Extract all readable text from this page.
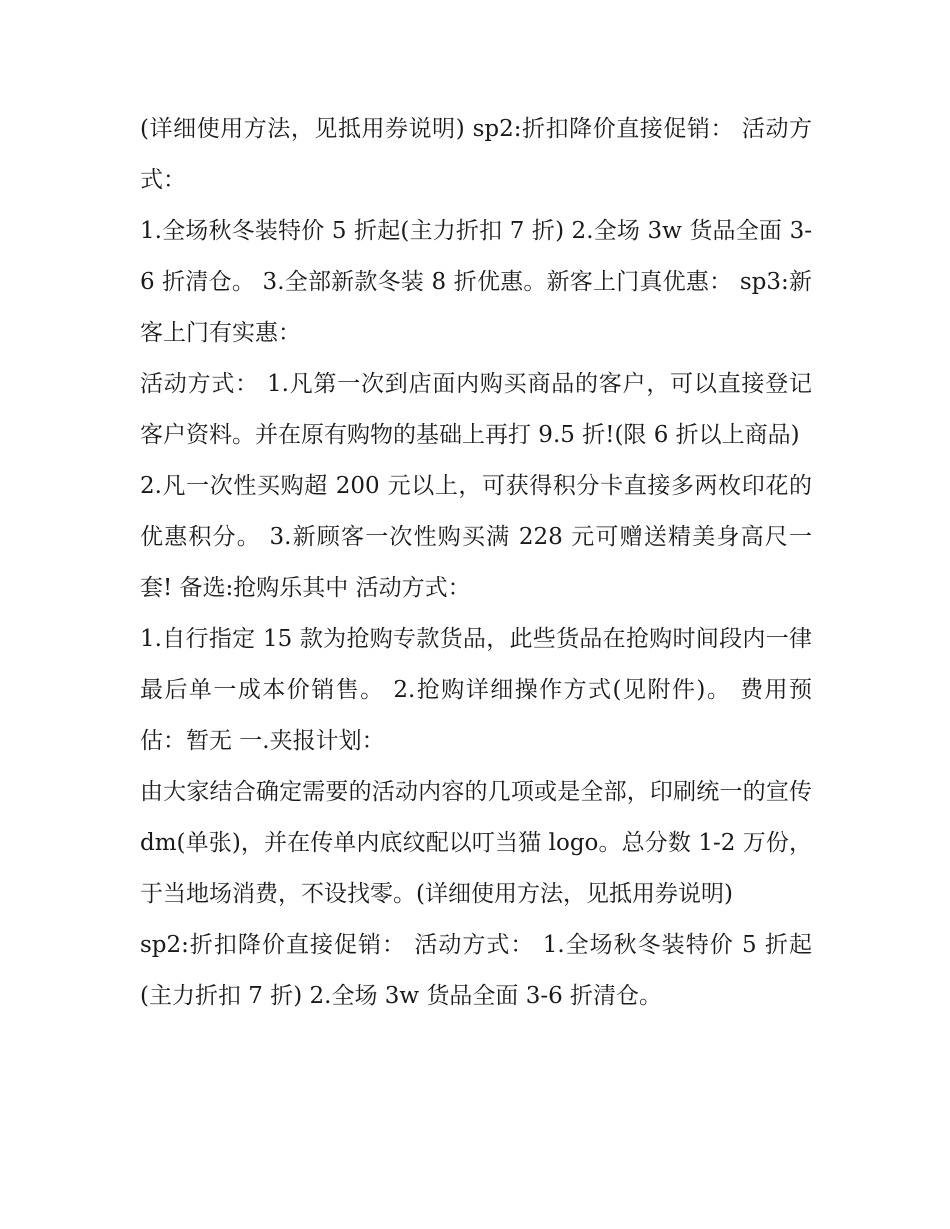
(详细使用方法，见抵用券说明) sp2:折扣降价直接促销： 活动方式：

1.全场秋冬装特价 5 折起(主力折扣 7 折) 2.全场 3w 货品全面 3-6 折清仓。 3.全部新款冬装 8 折优惠。新客上门真优惠： sp3:新客上门有实惠：

活动方式： 1.凡第一次到店面内购买商品的客户，可以直接登记客户资料。并在原有购物的基础上再打 9.5 折!(限 6 折以上商品)

2.凡一次性买购超 200 元以上，可获得积分卡直接多两枚印花的优惠积分。 3.新顾客一次性购买满 228 元可赠送精美身高尺一套! 备选:抢购乐其中 活动方式：

1.自行指定 15 款为抢购专款货品，此些货品在抢购时间段内一律最后单一成本价销售。 2.抢购详细操作方式(见附件)。 费用预估：暂无 一.夹报计划：

由大家结合确定需要的活动内容的几项或是全部，印刷统一的宣传 dm(单张)，并在传单内底纹配以叮当猫 logo。总分数 1-2 万份，于当地场消费，不设找零。(详细使用方法，见抵用券说明)

sp2:折扣降价直接促销： 活动方式： 1.全场秋冬装特价 5 折起(主力折扣 7 折) 2.全场 3w 货品全面 3-6 折清仓。
